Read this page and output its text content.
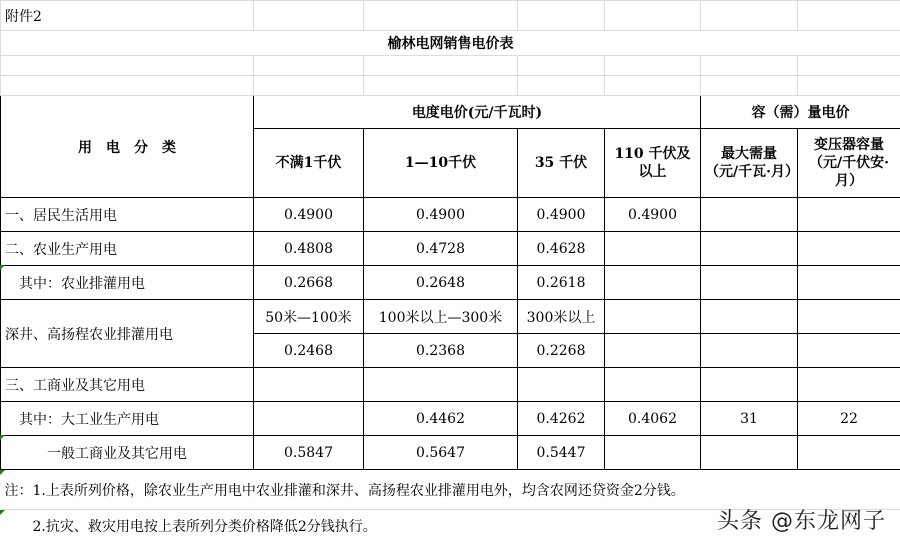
附件2						
榆林电网销售电价表						

用　电　分　类	电度电价(元/千瓦时)				容（需）量电价	
	不满1千伏	1—10千伏	35 千伏	110 千伏及以上	最大需量（元/千瓦·月）	变压器容量（元/千伏安·月）
一、居民生活用电	0.4900	0.4900	0.4900	0.4900		
二、农业生产用电	0.4808	0.4728	0.4628			
　其中：农业排灌用电	0.2668	0.2648	0.2618			
深井、高扬程农业排灌用电	50米—100米	100米以上—300米	300米以上			
	0.2468	0.2368	0.2268			
三、工商业及其它用电						
　其中：大工业生产用电		0.4462	0.4262	0.4062	31	22
　　　一般工商业及其它用电	0.5847	0.5647	0.5447			
注：1.上表所列价格，除农业生产用电中农业排灌和深井、高扬程农业排灌用电外，均含农网还贷资金2分钱。						
　　2.抗灾、救灾用电按上表所列分类价格降低2分钱执行。							头条 @东龙网子
